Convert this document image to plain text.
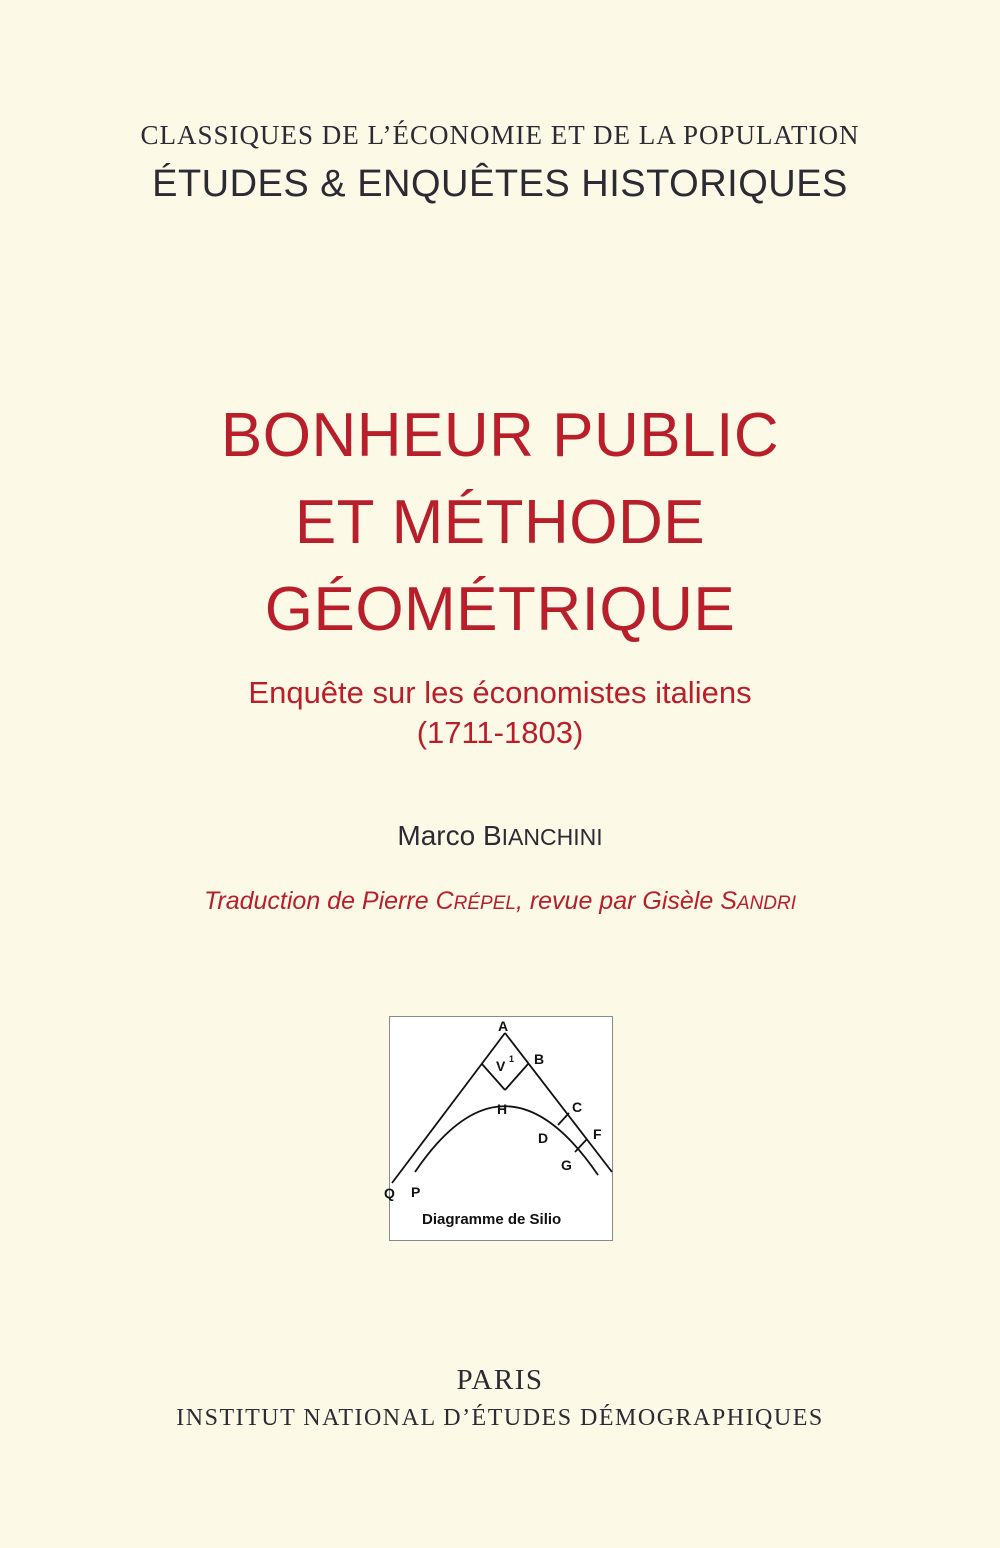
CLASSIQUES DE L’ÉCONOMIE ET DE LA POPULATION
ÉTUDES & ENQUÊTES HISTORIQUES
BONHEUR PUBLIC
ET MÉTHODE
GÉOMÉTRIQUE
Enquête sur les économistes italiens
(1711-1803)
Marco BIANCHINI
Traduction de Pierre CRÉPEL, revue par Gisèle SANDRI
A
V 1 B
H	C
D	F
G
Q P
Diagramme de Silio
PARIS
INSTITUT NATIONAL D’ÉTUDES DÉMOGRAPHIQUES
